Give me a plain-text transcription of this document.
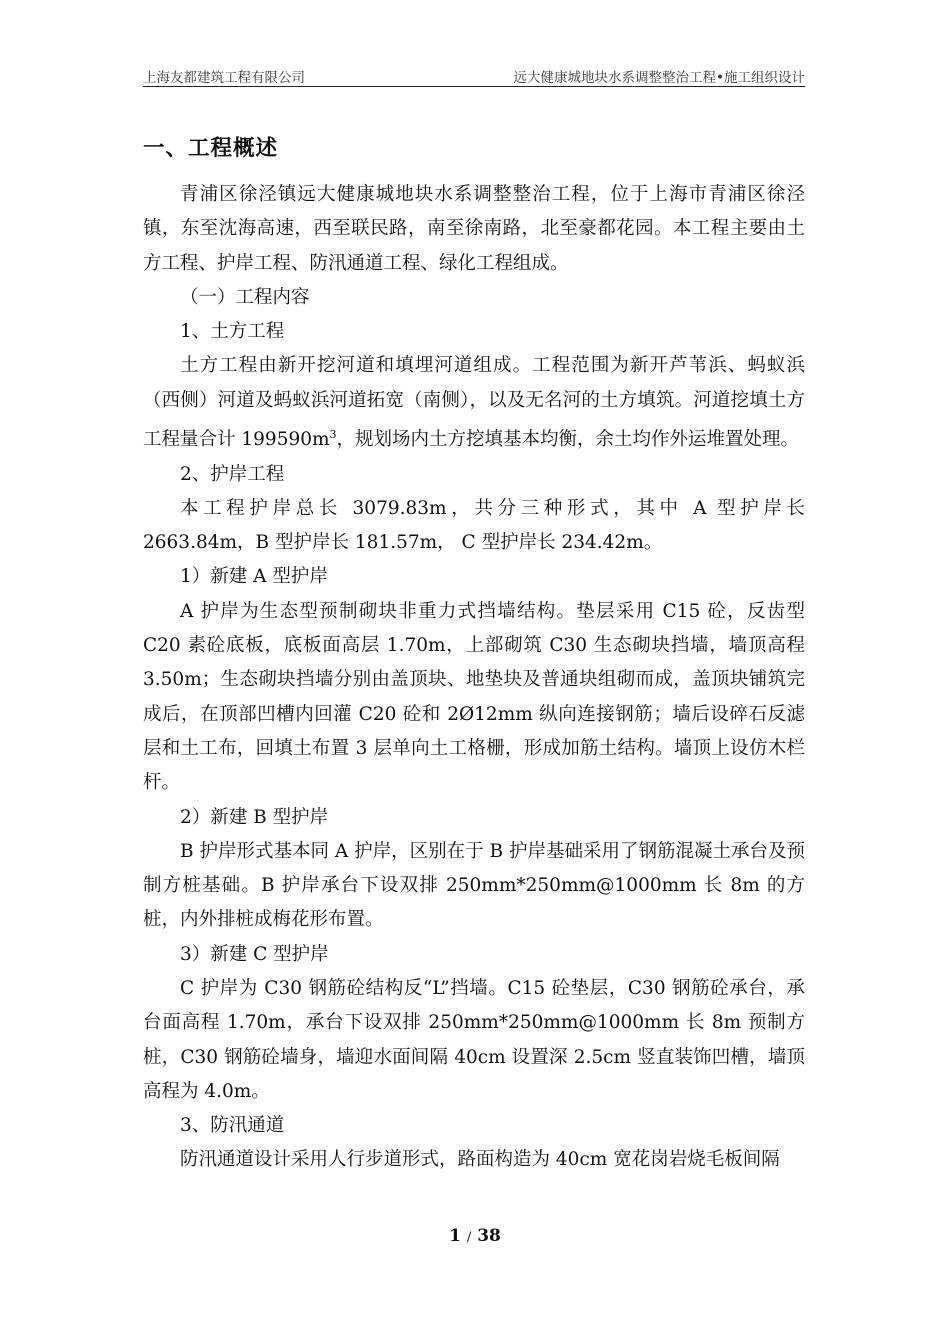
上海友都建筑工程有限公司	远大健康城地块水系调整整治工程•施工组织设计
一、工程概述

青浦区徐泾镇远大健康城地块水系调整整治工程，位于上海市青浦区徐泾镇，东至沈海高速，西至联民路，南至徐南路，北至豪都花园。本工程主要由土方工程、护岸工程、防汛通道工程、绿化工程组成。

（一）工程内容

1、土方工程

土方工程由新开挖河道和填埋河道组成。工程范围为新开芦苇浜、蚂蚁浜（西侧）河道及蚂蚁浜河道拓宽（南侧），以及无名河的土方填筑。河道挖填土方工程量合计 $199590m^3$，规划场内土方挖填基本均衡，余土均作外运堆置处理。

2、护岸工程

本工程护岸总长 3079.83m，共分三种形式，其中 A 型护岸长 2663.84m，B 型护岸长 181.57m， C 型护岸长 234.42m。

1）新建 A 型护岸

A 护岸为生态型预制砌块非重力式挡墙结构。垫层采用 C15 砼，反齿型 C20 素砼底板，底板面高层 1.70m，上部砌筑 C30 生态砌块挡墙，墙顶高程 3.50m；生态砌块挡墙分别由盖顶块、地垫块及普通块组砌而成，盖顶块铺筑完成后，在顶部凹槽内回灌 C20 砼和 2Ø12mm 纵向连接钢筋；墙后设碎石反滤层和土工布，回填土布置 3 层单向土工格栅，形成加筋土结构。墙顶上设仿木栏杆。

2）新建 B 型护岸

B 护岸形式基本同 A 护岸，区别在于 B 护岸基础采用了钢筋混凝土承台及预制方桩基础。B 护岸承台下设双排 250mm*250mm@1000mm 长 8m 的方桩，内外排桩成梅花形布置。

3）新建 C 型护岸

C 护岸为 C30 钢筋砼结构反“L”挡墙。C15 砼垫层，C30 钢筋砼承台，承台面高程 1.70m，承台下设双排 250mm*250mm@1000mm 长 8m 预制方桩，C30 钢筋砼墙身，墙迎水面间隔 40cm 设置深 2.5cm 竖直装饰凹槽，墙顶高程为 4.0m。

3、防汛通道

防汛通道设计采用人行步道形式，路面构造为 40cm 宽花岗岩烧毛板间隔

1 / 38
